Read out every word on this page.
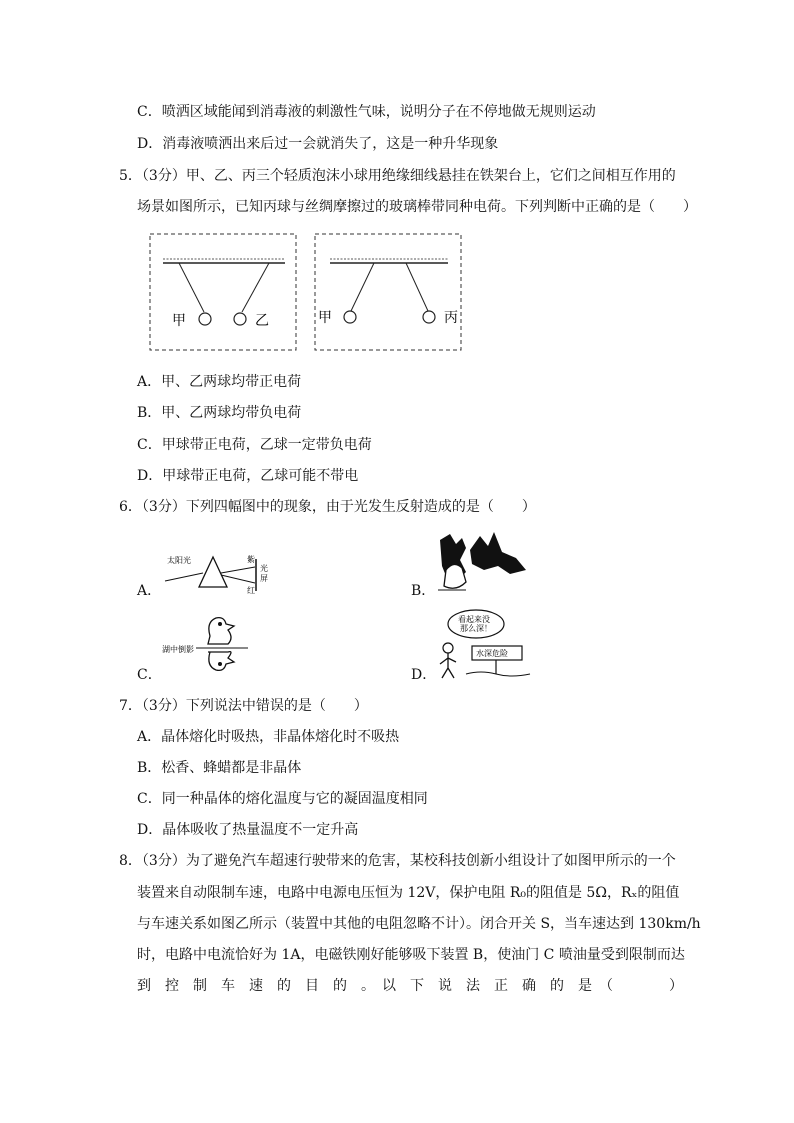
C．喷洒区域能闻到消毒液的刺激性气味，说明分子在不停地做无规则运动
D．消毒液喷洒出来后过一会就消失了，这是一种升华现象
5．（3分）甲、乙、丙三个轻质泡沫小球用绝缘细线悬挂在铁架台上，它们之间相互作用的
场景如图所示，已知丙球与丝绸摩擦过的玻璃棒带同种电荷。下列判断中正确的是（　　）
甲	乙	甲	丙
A．甲、乙两球均带正电荷
B．甲、乙两球均带负电荷
C．甲球带正电荷，乙球一定带负电荷
D．甲球带正电荷，乙球可能不带电
6．（3分）下列四幅图中的现象，由于光发生反射造成的是（　　）
A．
太阳光	紫
光
屏
红	B．
C．
湖中倒影
D．
看起来没
那么深！
水深危险
7．（3分）下列说法中错误的是（　　）
A．晶体熔化时吸热，非晶体熔化时不吸热
B．松香、蜂蜡都是非晶体
C．同一种晶体的熔化温度与它的凝固温度相同
D．晶体吸收了热量温度不一定升高
8．（3分）为了避免汽车超速行驶带来的危害，某校科技创新小组设计了如图甲所示的一个
装置来自动限制车速，电路中电源电压恒为 12V，保护电阻 R₀的阻值是 5Ω，Rₓ的阻值
与车速关系如图乙所示（装置中其他的电阻忽略不计）。闭合开关 S，当车速达到 130km/h
时，电路中电流恰好为 1A，电磁铁刚好能够吸下装置 B，使油门 C 喷油量受到限制而达
到　控　制　车　速　的　目　的　。　以　下　说　法　正　确　的　是　（　　　　）
